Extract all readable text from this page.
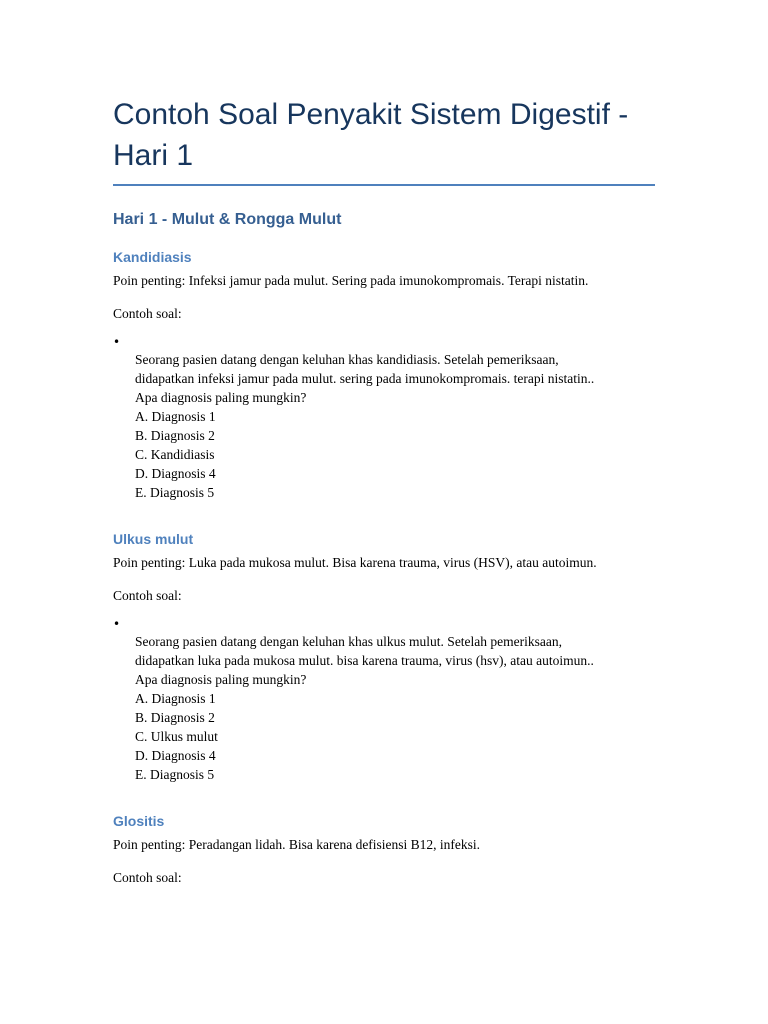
Contoh Soal Penyakit Sistem Digestif - Hari 1
Hari 1 - Mulut & Rongga Mulut
Kandidiasis

Poin penting: Infeksi jamur pada mulut. Sering pada imunokompromais. Terapi nistatin.

Contoh soal:

•

Seorang pasien datang dengan keluhan khas kandidiasis. Setelah pemeriksaan,

didapatkan infeksi jamur pada mulut. sering pada imunokompromais. terapi nistatin..

Apa diagnosis paling mungkin?

A. Diagnosis 1

B. Diagnosis 2

C. Kandidiasis

D. Diagnosis 4

E. Diagnosis 5

Ulkus mulut

Poin penting: Luka pada mukosa mulut. Bisa karena trauma, virus (HSV), atau autoimun.

Contoh soal:

•

Seorang pasien datang dengan keluhan khas ulkus mulut. Setelah pemeriksaan,

didapatkan luka pada mukosa mulut. bisa karena trauma, virus (hsv), atau autoimun..

Apa diagnosis paling mungkin?

A. Diagnosis 1

B. Diagnosis 2

C. Ulkus mulut

D. Diagnosis 4

E. Diagnosis 5

Glositis

Poin penting: Peradangan lidah. Bisa karena defisiensi B12, infeksi.

Contoh soal:
